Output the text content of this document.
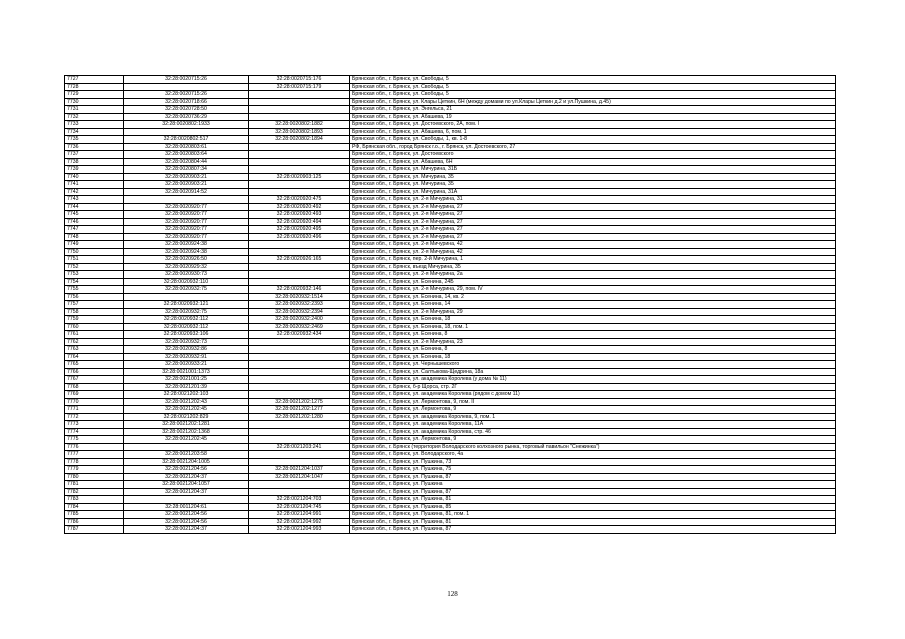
7727	32:28:0020715:26	32:28:0020715:176	Брянская обл., г. Брянск, ул. Свободы, 5
7728		32:28:0020715:179	Брянская обл., г. Брянск, ул. Свободы, 5
7729	32:28:0020715:26		Брянская обл., г. Брянск, ул. Свободы, 5
7730	32:28:0020718:66		Брянская обл., г. Брянск, ул. Клары Цеткин, 6Н (между домами по ул.Клары Цеткин д.2 и ул.Пушкина, д.45)
7731	32:28:0020728:50		Брянская обл., г. Брянск, ул. Энгельса, 21
7732	32:28:0020736:29		Брянская обл., г. Брянск, ул. Абашева, 19
7733	32:28:0020802:1933	32:28:0020802:1882	Брянская обл., г. Брянск, ул. Достоевского, 2А, пом. I
7734		32:28:0020802:1893	Брянская обл., г. Брянск, ул. Абашева, 6, пом. 1
7735	32:28:0020802:517	32:28:0020802:1894	Брянская обл., г. Брянск, ул. Свободы, 1, кв. 1-8
7736	32:28:0020803:61		РФ, Брянская обл., город Брянск г.о., г. Брянск, ул. Достоевского, 27
7737	32:28:0020803:64		Брянская обл., г. Брянск, ул. Достоевского
7738	32:28:0020804:44		Брянская обл., г. Брянск, ул. Абашева, 6Н
7739	32:28:0020807:34		Брянская обл., г. Брянск, ул. Мичурина, 31Б
7740	32:28:0020903:21	32:28:0020903:125	Брянская обл., г. Брянск, ул. Мичурина, 35
7741	32:28:0020903:21		Брянская обл., г. Брянск, ул. Мичурина, 35
7742	32:28:0020914:52		Брянская обл., г. Брянск, ул. Мичурина, 31А
7743		32:28:0020920:475	Брянская обл., г. Брянск, ул. 2-я Мичурина, 31
7744	32:28:0020920:77	32:28:0020920:492	Брянская обл., г. Брянск, ул. 2-я Мичурина, 27
7745	32:28:0020920:77	32:28:0020920:493	Брянская обл., г. Брянск, ул. 2-я Мичурина, 27
7746	32:28:0020920:77	32:28:0020920:494	Брянская обл., г. Брянск, ул. 2-я Мичурина, 27
7747	32:28:0020920:77	32:28:0020920:495	Брянская обл., г. Брянск, ул. 2-я Мичурина, 27
7748	32:28:0020920:77	32:28:0020920:496	Брянская обл., г. Брянск, ул. 2-я Мичурина, 27
7749	32:28:0020924:38		Брянская обл., г. Брянск, ул. 2-я Мичурина, 42
7750	32:28:0020924:38		Брянская обл., г. Брянск, ул. 2-я Мичурина, 42
7751	32:28:0020926:50	32:28:0020926:165	Брянская обл., г. Брянск, пер. 2-й Мичурина, 1
7752	32:28:0020929:32		Брянская обл., г. Брянск, въезд Мичурина, 35
7753	32:28:0020930:73		Брянская обл., г. Брянск, ул. 2-я Мичурина, 2а
7754	32:28:0020932:110		Брянская обл., г. Брянск, ул. Есенина, 24Б
7755	32:28:0020932:75	32:28:0020932:146	Брянская обл., г. Брянск, ул. 2-я Мичурина, 29, пом. IV
7756		32:28:0020932:1514	Брянская обл., г. Брянск, ул. Есенина, 14, кв. 2
7757	32:28:0020932:121	32:28:0020932:2393	Брянская обл., г. Брянск, ул. Есенина, 14
7758	32:28:0020932:75	32:28:0020932:2394	Брянская обл., г. Брянск, ул. 2-я Мичурина, 29
7759	32:28:0020932:112	32:28:0020932:2400	Брянская обл., г. Брянск, ул. Есенина, 18
7760	32:28:0020932:112	32:28:0020932:2469	Брянская обл., г. Брянск, ул. Есенина, 18, пом. 1
7761	32:28:0020932:106	32:28:0020932:434	Брянская обл., г. Брянск, ул. Есенина, 8
7762	32:28:0020932:73		Брянская обл., г. Брянск, ул. 2-я Мичурина, 23
7763	32:28:0020932:86		Брянская обл., г. Брянск, ул. Есенина, 8
7764	32:28:0020932:91		Брянская обл., г. Брянск, ул. Есенина, 18
7765	32:28:0020933:21		Брянская обл., г. Брянск, ул. Чернышевского
7766	32:28:0021001:1373		Брянская обл., г. Брянск, ул. Салтыкова-Щедрина, 18а
7767	32:28:0021001:25		Брянская обл., г. Брянск, ул. академика Королева (у дома № 11)
7768	32:28:0021201:39		Брянская обл., г. Брянск, б-р Щорса, стр. 2Г
7769	32:28:0021202:103		Брянская обл., г. Брянск, ул. академика Королева (рядом с домом 11)
7770	32:28:0021202:43	32:28:0021202:1275	Брянская обл., г. Брянск, ул. Лермонтова, 9, пом. II
7771	32:28:0021202:45	32:28:0021202:1277	Брянская обл., г. Брянск, ул. Лермонтова, 9
7772	32:28:0021202:829	32:28:0021202:1280	Брянская обл., г. Брянск, ул. академика Королева, 9, пом. 1
7773	32:28:0021202:1281		Брянская обл., г. Брянск, ул. академика Королева, 11А
7774	32:28:0021202:1368		Брянская обл., г. Брянск, ул. академика Королева, стр. 46
7775	32:28:0021202:45		Брянская обл., г. Брянск, ул. Лермонтова, 9
7776		32:28:0021203:241	Брянская обл., г. Брянск (территория Володарского колхозного рынка, торговый павильон "Снежинка")
7777	32:28:0021203:58		Брянская обл., г. Брянск, ул. Володарского, 4а
7778	32:28:0021204:1005		Брянская обл., г. Брянск, ул. Пушкина, 73
7779	32:28:0021204:56	32:28:0021204:1037	Брянская обл., г. Брянск, ул. Пушкина, 75
7780	32:28:0021204:37	32:28:0021204:1047	Брянская обл., г. Брянск, ул. Пушкина, 87
7781	32:28:0021204:1057		Брянская обл., г. Брянск, ул. Пушкина
7782	32:28:0021204:37		Брянская обл., г. Брянск, ул. Пушкина, 87
7783		32:28:0021204:703	Брянская обл., г. Брянск, ул. Пушкина, 81
7784	32:28:0011204:61	32:28:0021204:745	Брянская обл., г. Брянск, ул. Пушкина, 85
7785	32:28:0021204:56	32:28:0021204:991	Брянская обл., г. Брянск, ул. Пушкина, 81, пом. 1
7786	32:28:0021204:56	32:28:0021204:992	Брянская обл., г. Брянск, ул. Пушкина, 81
7787	32:28:0021204:37	32:28:0021204:993	Брянская обл., г. Брянск, ул. Пушкина, 87
128
